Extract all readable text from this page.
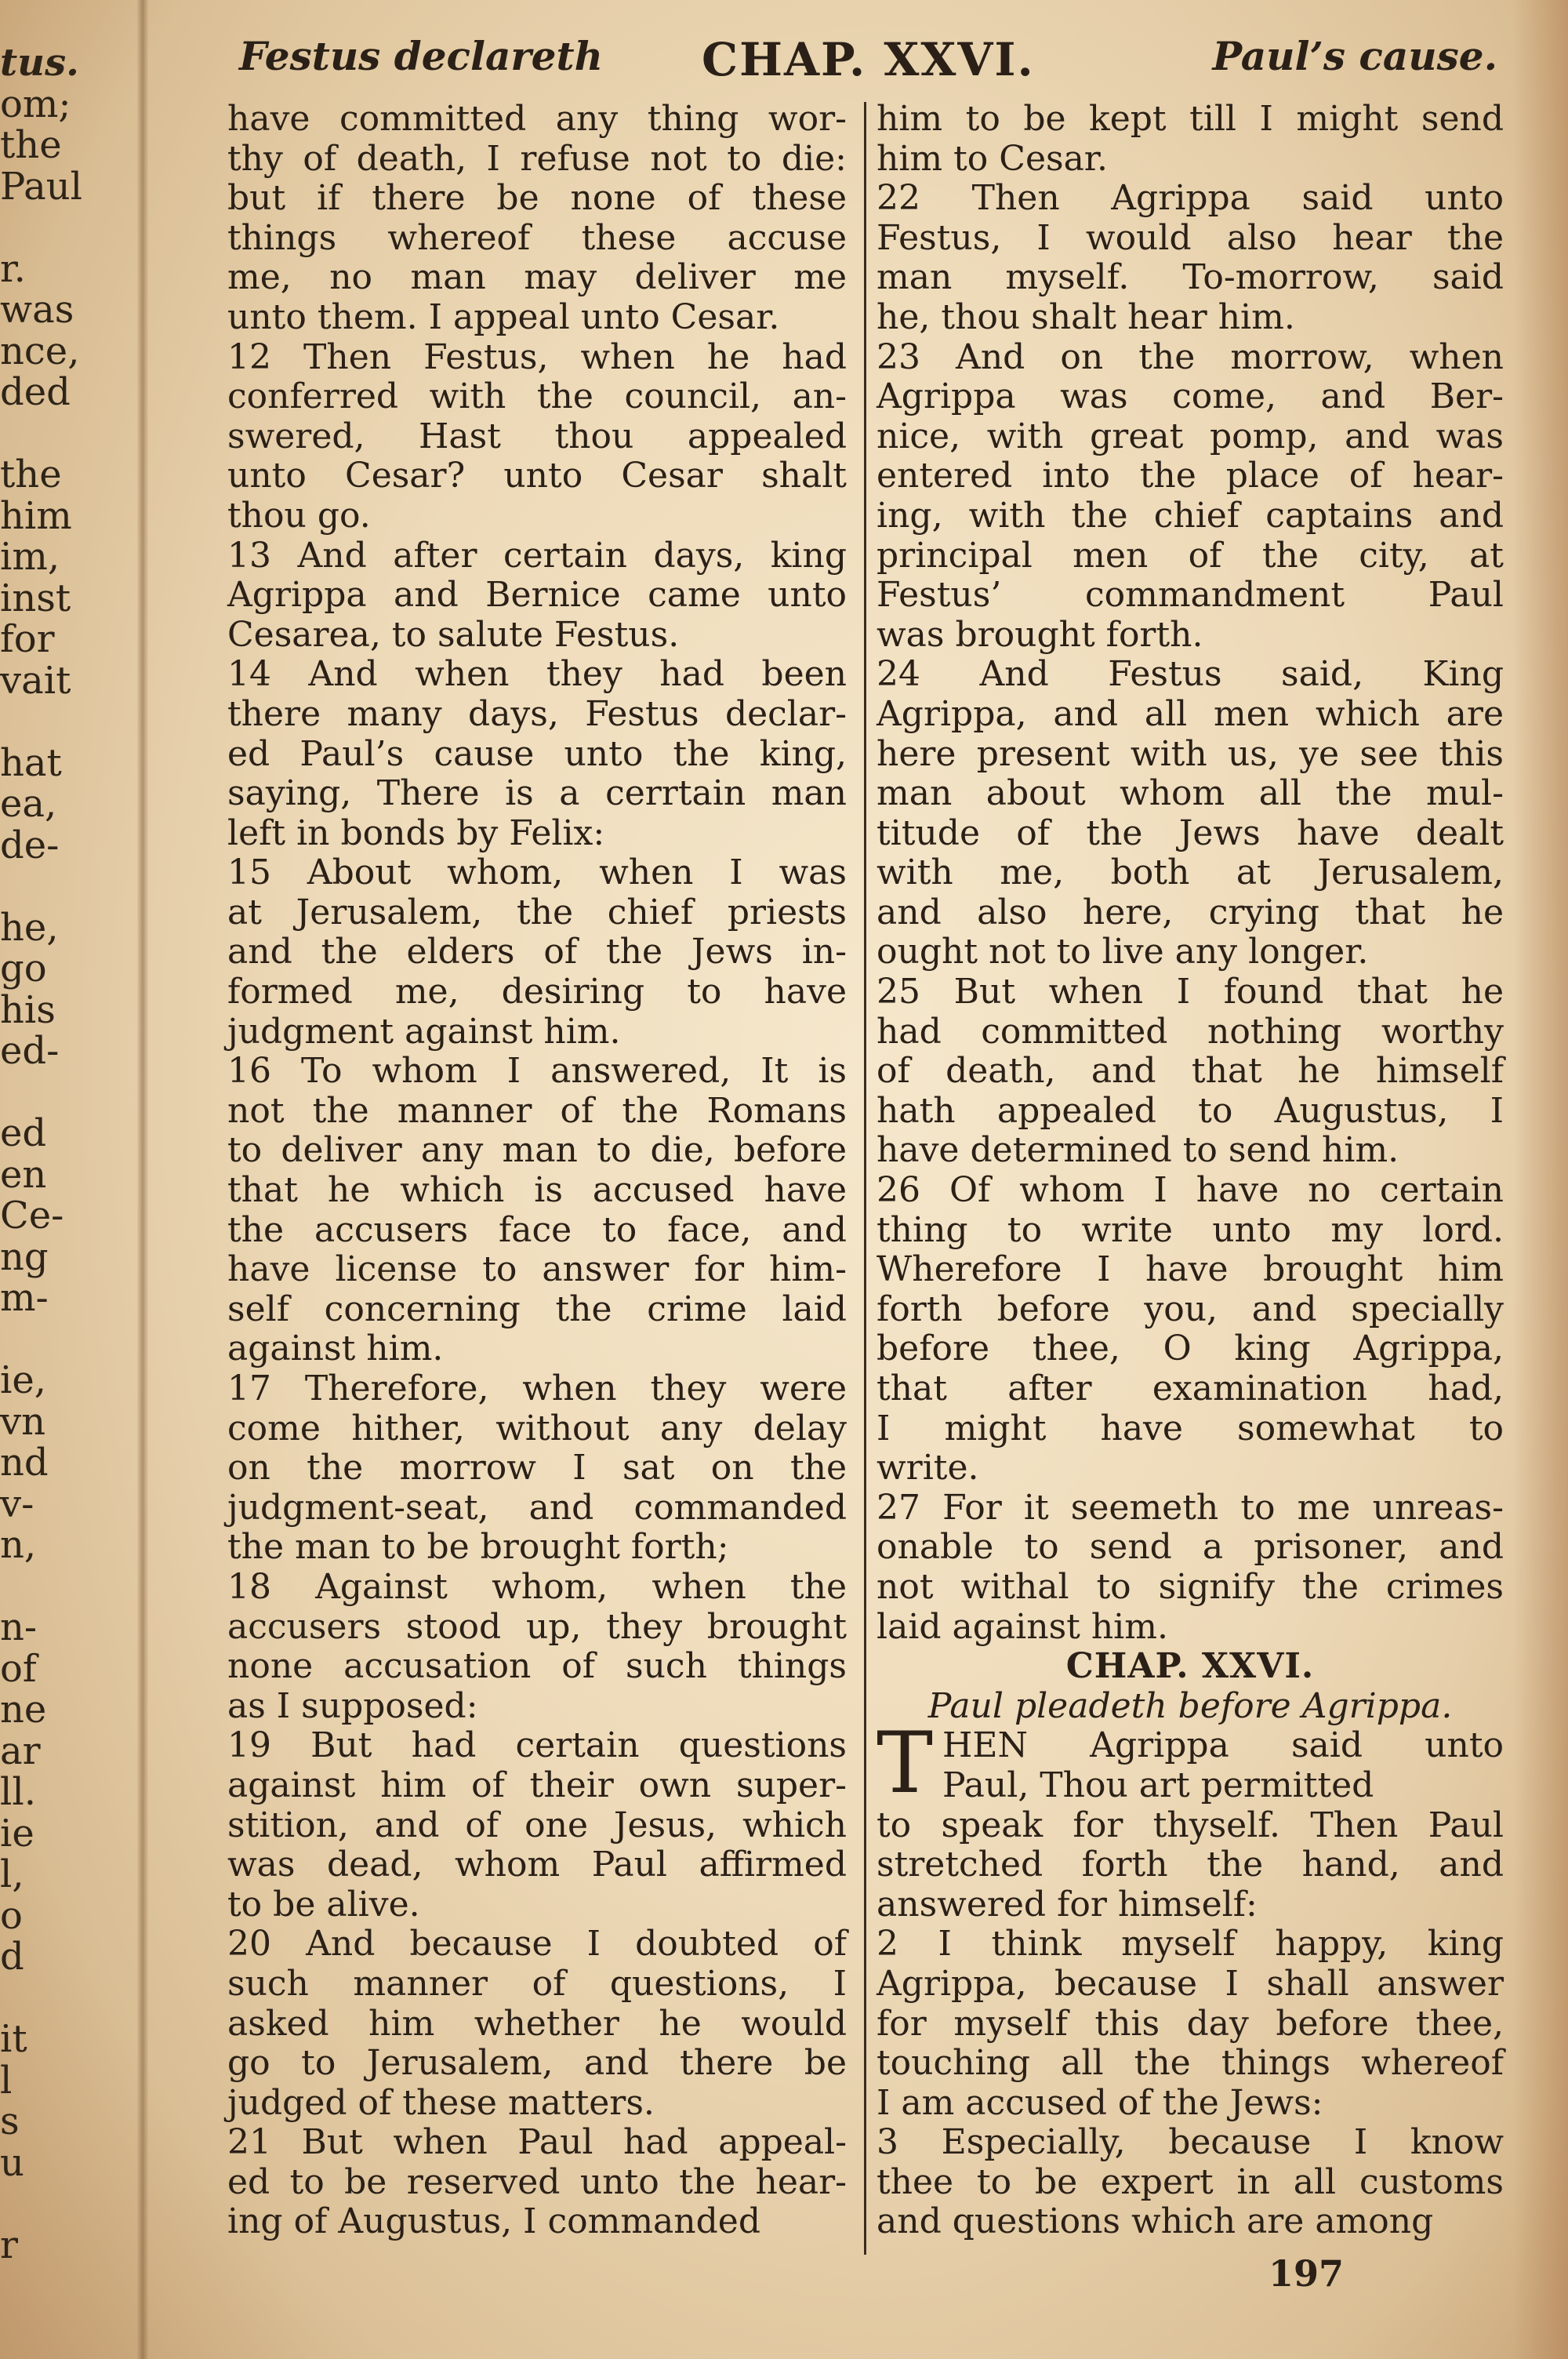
tus.
om;
the
Paul
r.
was
nce,
ded
the
him
im,
inst
for
vait
hat
ea,
de-
he,
go
his
ed-
ed
en
Ce-
ng
m-
ie,
vn
nd
v-
n,
n-
of
ne
ar
ll.
ie
l,
o
d
it
l
s
u
r
Festus declareth CHAP. XXVI.	Paul’s cause.
have committed any thing wor-
thy of death, I refuse not to die:
but if there be none of these
things whereof these accuse
me, no man may deliver me
unto them. I appeal unto Cesar.
12 Then Festus, when he had
conferred with the council, an-
swered, Hast thou appealed
unto Cesar? unto Cesar shalt
thou go.
13 And after certain days, king
Agrippa and Bernice came unto
Cesarea, to salute Festus.
14 And when they had been
there many days, Festus declar-
ed Paul’s cause unto the king,
saying, There is a cerrtain man
left in bonds by Felix:
15 About whom, when I was
at Jerusalem, the chief priests
and the elders of the Jews in-
formed me, desiring to have
judgment against him.
16 To whom I answered, It is
not the manner of the Romans
to deliver any man to die, before
that he which is accused have
the accusers face to face, and
have license to answer for him-
self concerning the crime laid
against him.
17 Therefore, when they were
come hither, without any delay
on the morrow I sat on the
judgment-seat, and commanded
the man to be brought forth;
18 Against whom, when the
accusers stood up, they brought
none accusation of such things
as I supposed:
19 But had certain questions
against him of their own super-
stition, and of one Jesus, which
was dead, whom Paul affirmed
to be alive.
20 And because I doubted of
such manner of questions, I
asked him whether he would
go to Jerusalem, and there be
judged of these matters.
21 But when Paul had appeal-
ed to be reserved unto the hear-
ing of Augustus, I commanded
him to be kept till I might send
him to Cesar.
22 Then Agrippa said unto
Festus, I would also hear the
man myself. To-morrow, said
he, thou shalt hear him.
23 And on the morrow, when
Agrippa was come, and Ber-
nice, with great pomp, and was
entered into the place of hear-
ing, with the chief captains and
principal men of the city, at
Festus’ commandment Paul
was brought forth.
24 And Festus said, King
Agrippa, and all men which are
here present with us, ye see this
man about whom all the mul-
titude of the Jews have dealt
with me, both at Jerusalem,
and also here, crying that he
ought not to live any longer.
25 But when I found that he
had committed nothing worthy
of death, and that he himself
hath appealed to Augustus, I
have determined to send him.
26 Of whom I have no certain
thing to write unto my lord.
Wherefore I have brought him
forth before you, and specially
before thee, O king Agrippa,
that after examination had,
I might have somewhat to
write.
27 For it seemeth to me unreas-
onable to send a prisoner, and
not withal to signify the crimes
laid against him.
CHAP. XXVI.
Paul pleadeth before Agrippa.
T HEN Agrippa said unto
Paul, Thou art permitted
to speak for thyself. Then Paul
stretched forth the hand, and
answered for himself:
2 I think myself happy, king
Agrippa, because I shall answer
for myself this day before thee,
touching all the things whereof
I am accused of the Jews:
3 Especially, because I know
thee to be expert in all customs
and questions which are among
197
